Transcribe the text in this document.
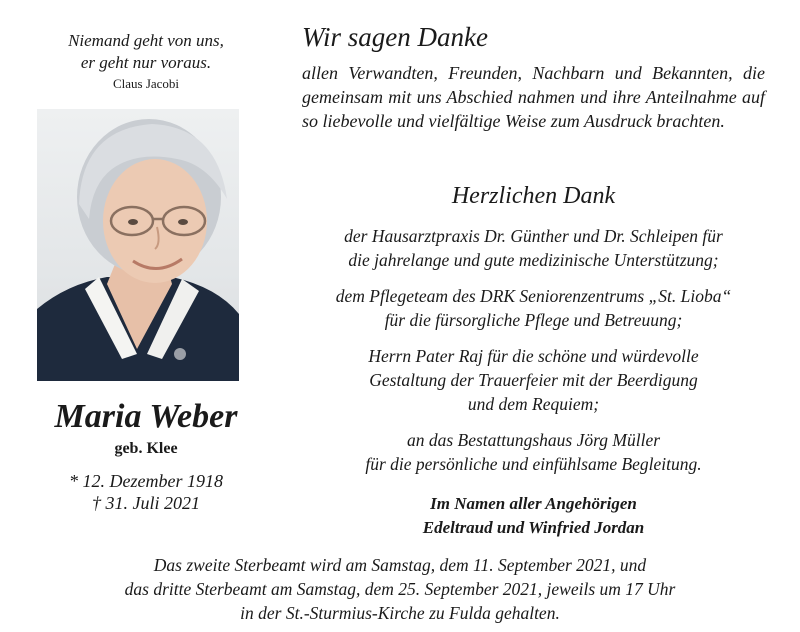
Niemand geht von uns,
er geht nur voraus.
Claus Jacobi
Maria Weber
geb. Klee
* 12. Dezember 1918
† 31. Juli 2021
Wir sagen Danke
allen Verwandten, Freunden, Nachbarn und Bekannten, die gemeinsam mit uns Abschied nahmen und ihre Anteilnahme auf so liebevolle und vielfältige Weise zum Ausdruck brachten.
Herzlichen Dank
der Hausarztpraxis Dr. Günther und Dr. Schleipen für
die jahrelange und gute medizinische Unterstützung;
dem Pflegeteam des DRK Seniorenzentrums „St. Lioba“
für die fürsorgliche Pflege und Betreuung;
Herrn Pater Raj für die schöne und würdevolle
Gestaltung der Trauerfeier mit der Beerdigung
und dem Requiem;
an das Bestattungshaus Jörg Müller
für die persönliche und einfühlsame Begleitung.
Im Namen aller Angehörigen
Edeltraud und Winfried Jordan
Das zweite Sterbeamt wird am Samstag, dem 11. September 2021, und
das dritte Sterbeamt am Samstag, dem 25. September 2021, jeweils um 17 Uhr
in der St.-Sturmius-Kirche zu Fulda gehalten.
